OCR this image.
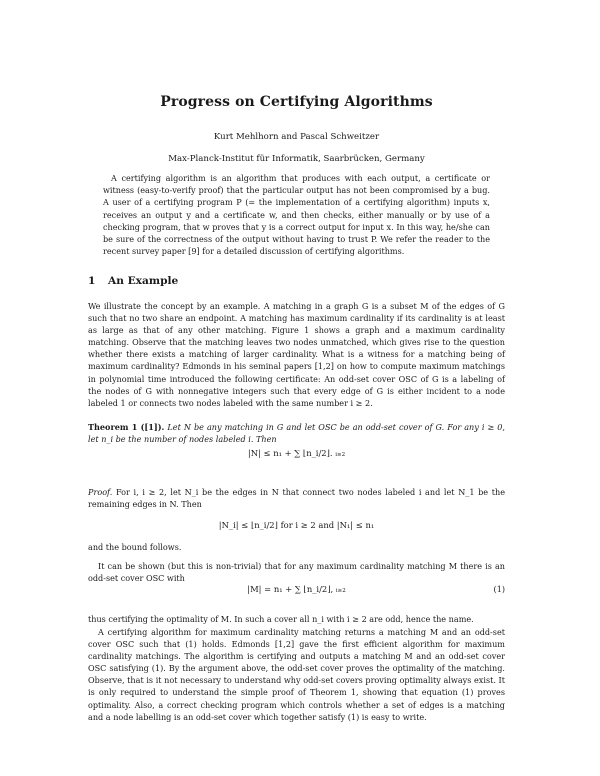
Progress on Certifying Algorithms
Kurt Mehlhorn and Pascal Schweitzer
Max-Planck-Institut für Informatik, Saarbrücken, Germany
A certifying algorithm is an algorithm that produces with each output, a certificate or witness (easy-to-verify proof) that the particular output has not been compromised by a bug. A user of a certifying program P (= the implementation of a certifying algorithm) inputs x, receives an output y and a certificate w, and then checks, either manually or by use of a checking program, that w proves that y is a correct output for input x. In this way, he/she can be sure of the correctness of the output without having to trust P. We refer the reader to the recent survey paper [9] for a detailed discussion of certifying algorithms.
1 An Example
We illustrate the concept by an example. A matching in a graph G is a subset M of the edges of G such that no two share an endpoint. A matching has maximum cardinality if its cardinality is at least as large as that of any other matching. Figure 1 shows a graph and a maximum cardinality matching. Observe that the matching leaves two nodes unmatched, which gives rise to the question whether there exists a matching of larger cardinality. What is a witness for a matching being of maximum cardinality? Edmonds in his seminal papers [1,2] on how to compute maximum matchings in polynomial time introduced the following certificate: An odd-set cover OSC of G is a labeling of the nodes of G with nonnegative integers such that every edge of G is either incident to a node labeled 1 or connects two nodes labeled with the same number i ≥ 2.
Theorem 1 ([1]). Let N be any matching in G and let OSC be an odd-set cover of G. For any i ≥ 0, let n_i be the number of nodes labeled i. Then
|N| ≤ n₁ + ∑ ⌊n_i/2⌋. i≥2
Proof. For i, i ≥ 2, let N_i be the edges in N that connect two nodes labeled i and let N_1 be the remaining edges in N. Then
|N_i| ≤ ⌊n_i/2⌋ for i ≥ 2 and |N₁| ≤ n₁
and the bound follows.
It can be shown (but this is non-trivial) that for any maximum cardinality matching M there is an odd-set cover OSC with
|M| = n₁ + ∑ ⌊n_i/2⌋, i≥2	(1)
thus certifying the optimality of M. In such a cover all n_i with i ≥ 2 are odd, hence the name.
A certifying algorithm for maximum cardinality matching returns a matching M and an odd-set cover OSC such that (1) holds. Edmonds [1,2] gave the first efficient algorithm for maximum cardinality matchings. The algorithm is certifying and outputs a matching M and an odd-set cover OSC satisfying (1). By the argument above, the odd-set cover proves the optimality of the matching. Observe, that is it not necessary to understand why odd-set covers proving optimality always exist. It is only required to understand the simple proof of Theorem 1, showing that equation (1) proves optimality. Also, a correct checking program which controls whether a set of edges is a matching and a node labelling is an odd-set cover which together satisfy (1) is easy to write.
